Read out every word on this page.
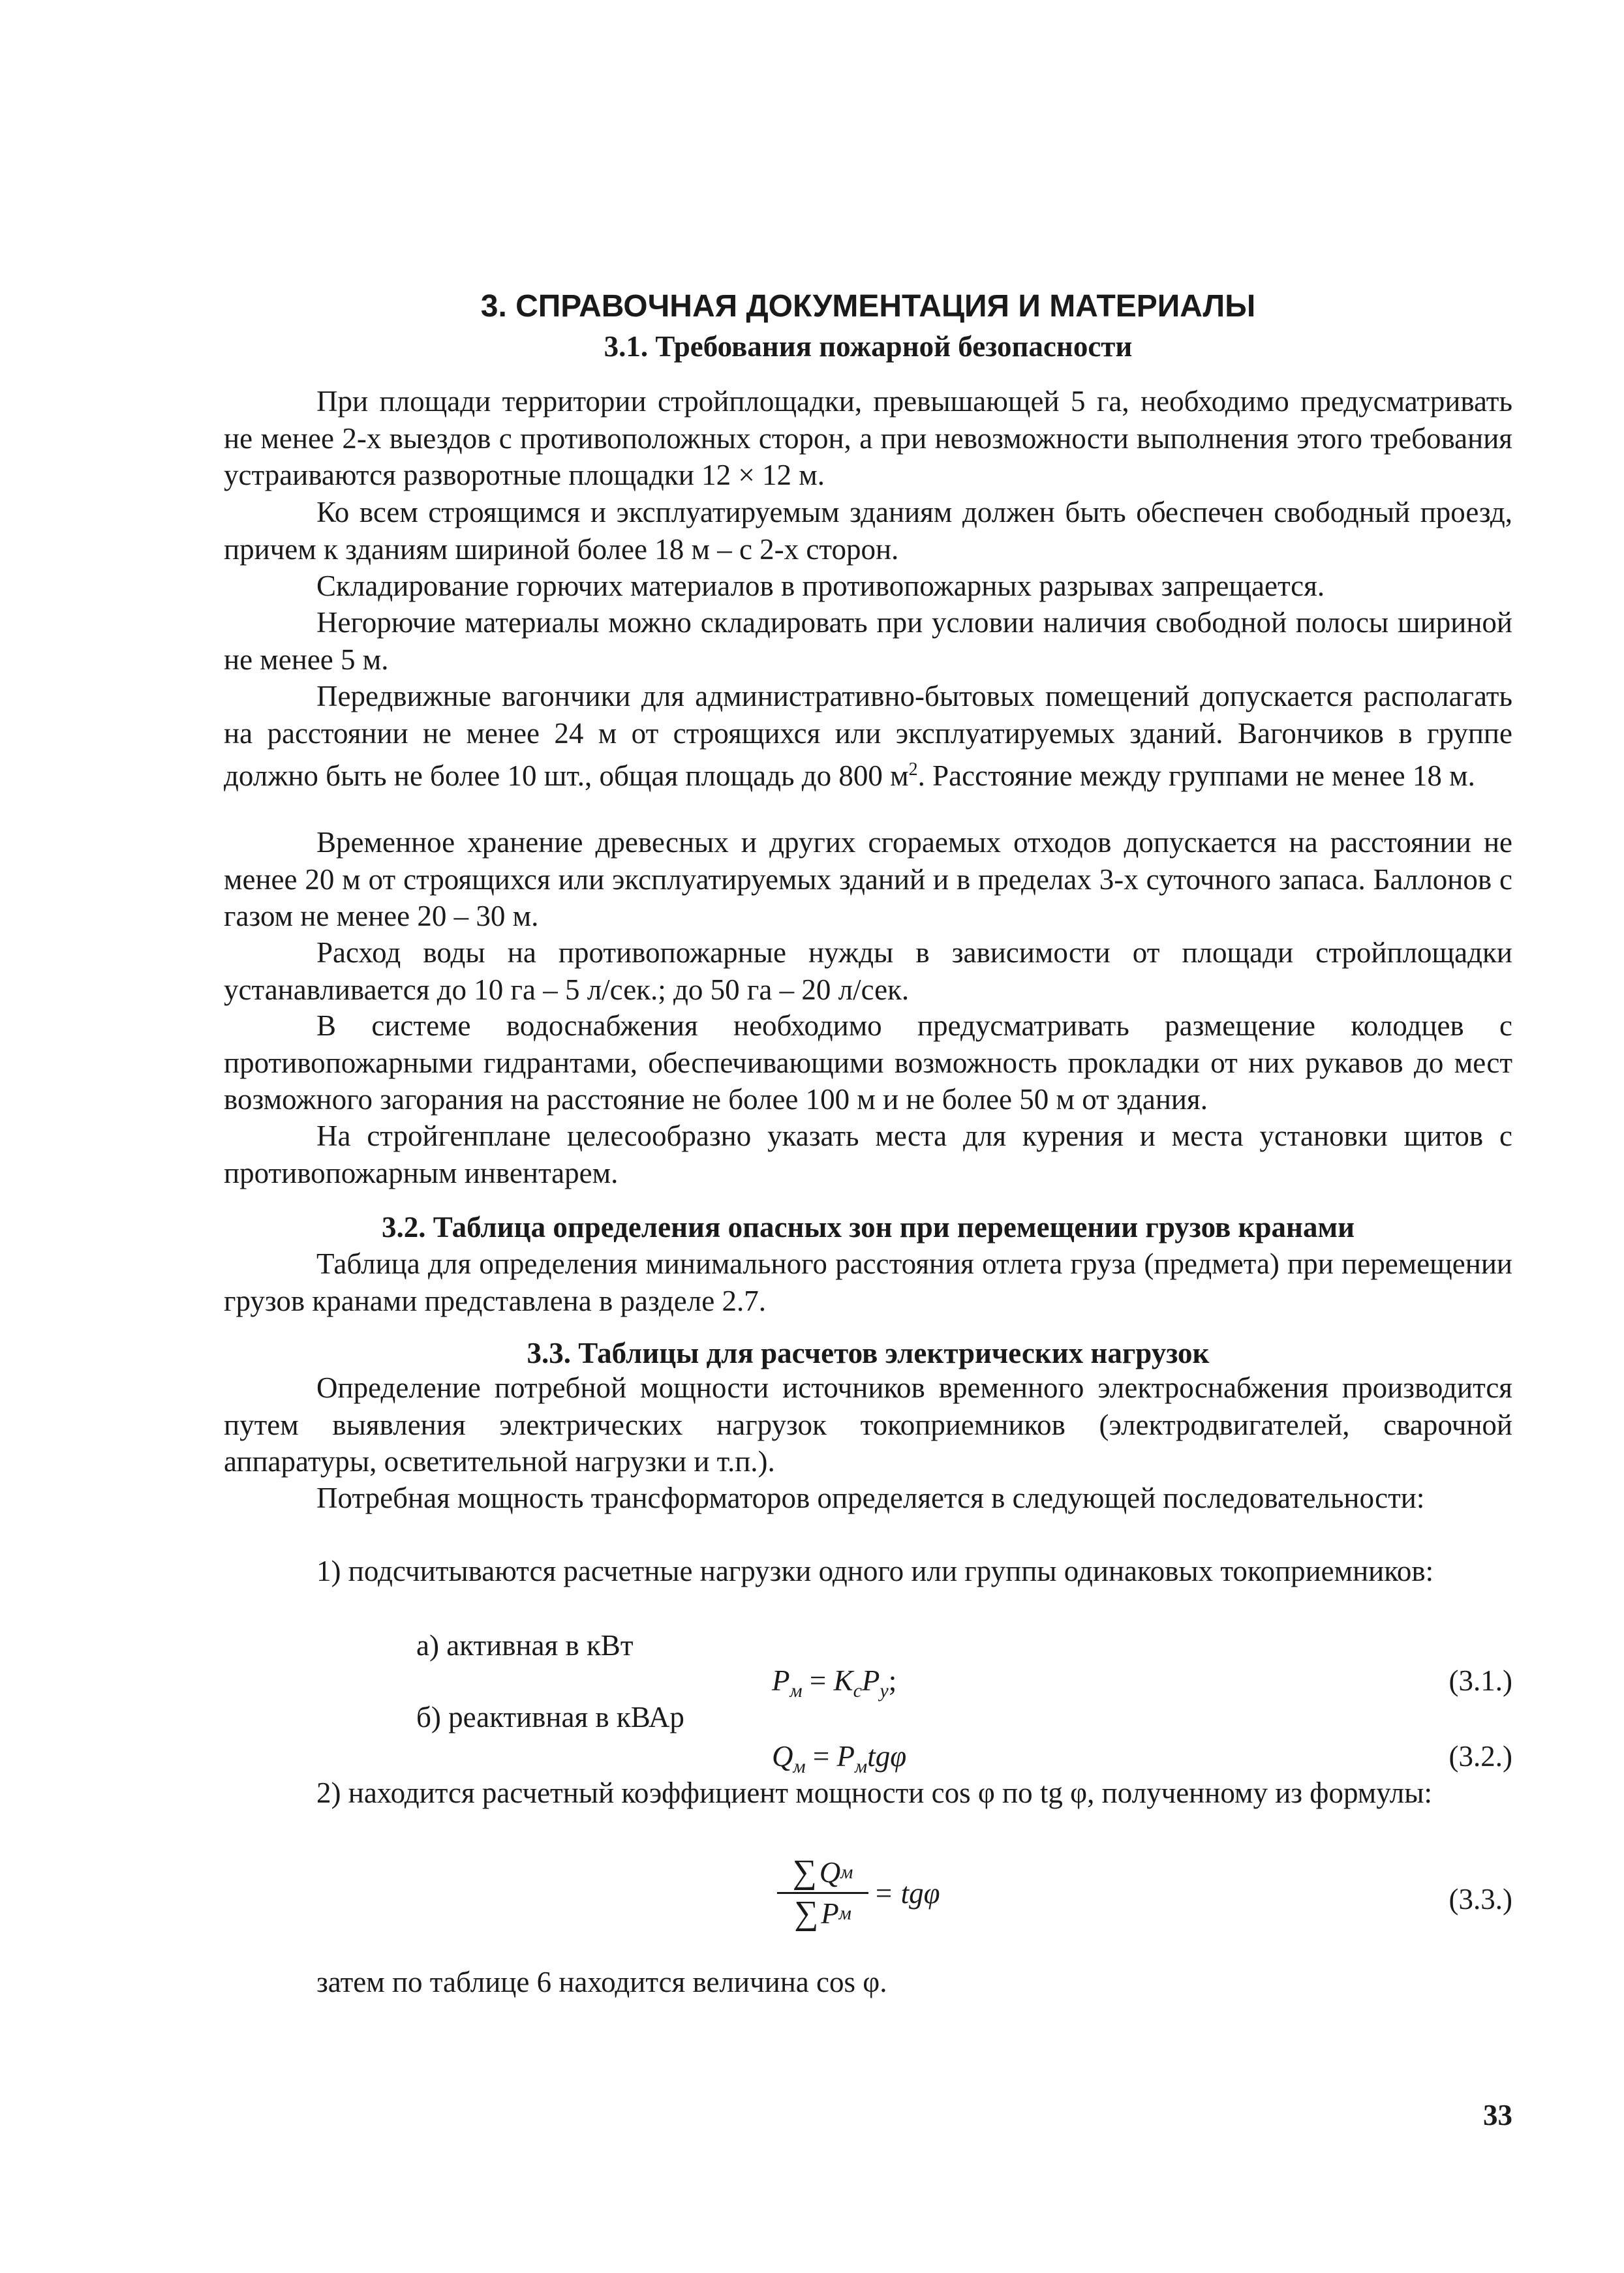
3. СПРАВОЧНАЯ ДОКУМЕНТАЦИЯ И МАТЕРИАЛЫ
3.1. Требования пожарной безопасности
При площади территории стройплощадки, превышающей 5 га, необходимо предусматривать не менее 2-х выездов с противоположных сторон, а при невозможности выполнения этого требования устраиваются разворотные площадки 12 × 12 м.
Ко всем строящимся и эксплуатируемым зданиям должен быть обеспечен свободный проезд, причем к зданиям шириной более 18 м – с 2-х сторон.
Складирование горючих материалов в противопожарных разрывах запрещается.
Негорючие материалы можно складировать при условии наличия свободной полосы шириной не менее 5 м.
Передвижные вагончики для административно-бытовых помещений допускается располагать на расстоянии не менее 24 м от строящихся или эксплуатируемых зданий. Вагончиков в группе должно быть не более 10 шт., общая площадь до 800 $м^2$. Расстояние между группами не менее 18 м.
Временное хранение древесных и других сгораемых отходов допускается на расстоянии не менее 20 м от строящихся или эксплуатируемых зданий и в пределах 3-х суточного запаса. Баллонов с газом не менее 20 – 30 м.
Расход воды на противопожарные нужды в зависимости от площади стройплощадки устанавливается до 10 га – 5 л/сек.; до 50 га – 20 л/сек.
В системе водоснабжения необходимо предусматривать размещение колодцев с противопожарными гидрантами, обеспечивающими возможность прокладки от них рукавов до мест возможного загорания на расстояние не более 100 м и не более 50 м от здания.
На стройгенплане целесообразно указать места для курения и места установки щитов с противопожарным инвентарем.
3.2. Таблица определения опасных зон при перемещении грузов кранами
Таблица для определения минимального расстояния отлета груза (предмета) при перемещении грузов кранами представлена в разделе 2.7.
3.3. Таблицы для расчетов электрических нагрузок
Определение потребной мощности источников временного электроснабжения производится путем выявления электрических нагрузок токоприемников (электродвигателей, сварочной аппаратуры, осветительной нагрузки и т.п.).
Потребная мощность трансформаторов определяется в следующей последовательности:
1) подсчитываются расчетные нагрузки одного или группы одинаковых токоприемников:
а) активная в кВт
$P_м = K_cP_y$;	(3.1.)
б) реактивная в кВАр
$Q_м = P_мtg\varphi$	(3.2.)
2) находится расчетный коэффициент мощности cos φ по tg φ, полученному из формулы:
$\frac{\text{∑ Q м}}{\text{∑ P м}} = tg\varphi$	(3.3.)
затем по таблице 6 находится величина cos φ.
33
